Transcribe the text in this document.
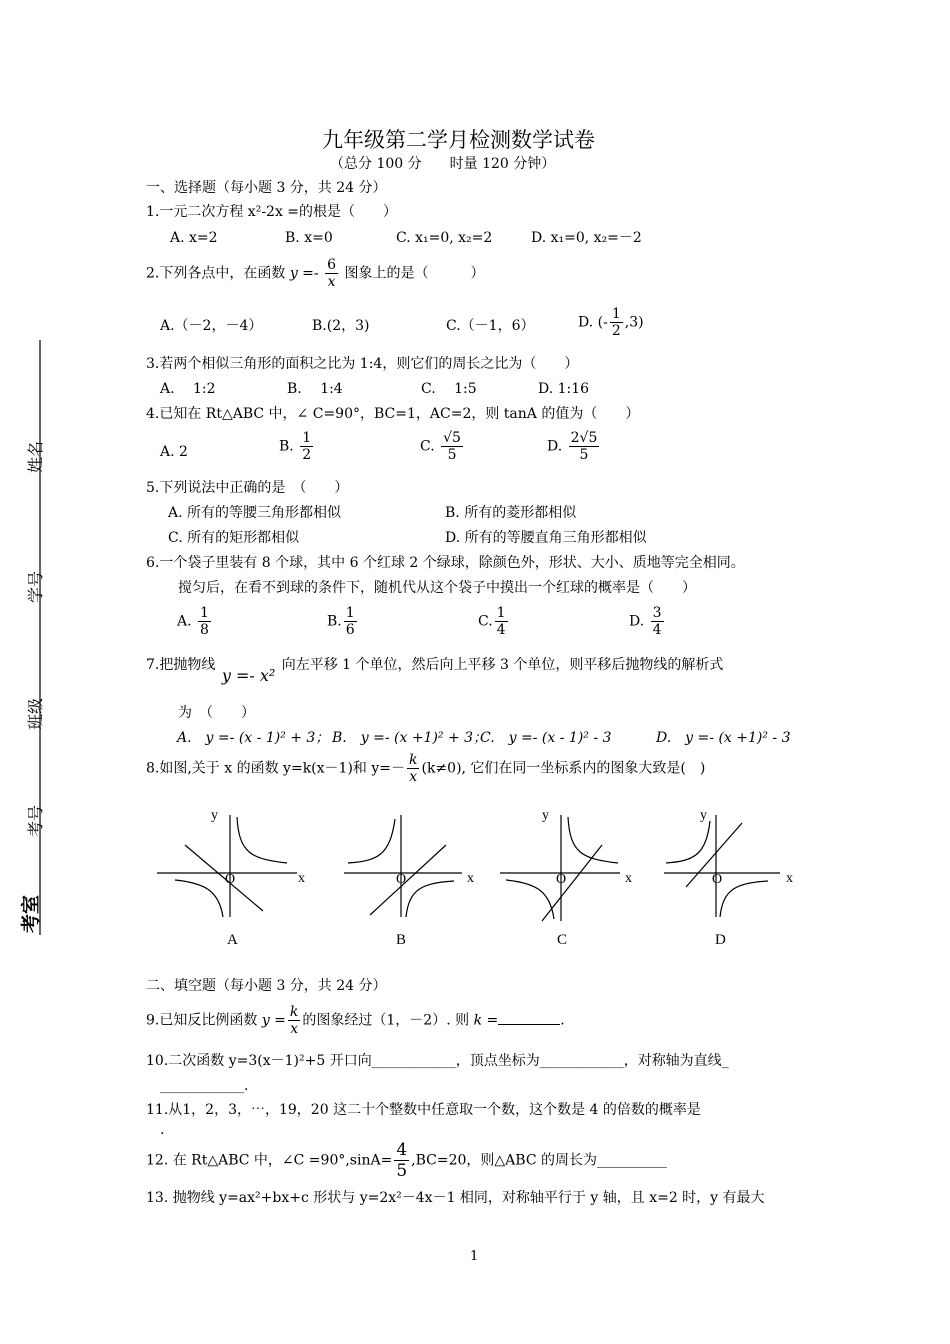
姓名
学号
班级
考号
考室
九年级第二学月检测数学试卷
（总分 100 分　　时量 120 分钟）
一、选择题（每小题 3 分，共 24 分）
1.一元二次方程 x²-2x =的根是（　　）
A. x=2	B. x=0	C. x₁=0, x₂=2	D. x₁=0, x₂=－2
2.下列各点中，在函数 $y =- \frac{6}{x}$ 图象上的是（　　　）
A.（－2，－4）	B.(2，3)	C.（－1，6）	D. (- $\frac{1}{2} ,3$)
3.若两个相似三角形的面积之比为 1:4，则它们的周长之比为（　　）
A.　 1:2	B.　 1:4	C.　 1:5	D. 1:16
4.已知在 Rt△ABC 中，∠ C=90°，BC=1，AC=2，则 tanA 的值为（　　）
A. 2	B. $\frac{1}{2}$	C. $\frac{√5}{5}$	D. $\frac{2√5}{5}$
5.下列说法中正确的是　（　　）
A. 所有的等腰三角形都相似	B. 所有的菱形都相似
C. 所有的矩形都相似	D. 所有的等腰直角三角形都相似
6.一个袋子里装有 8 个球，其中 6 个红球 2 个绿球，除颜色外，形状、大小、质地等完全相同。
搅匀后，在看不到球的条件下，随机代从这个袋子中摸出一个红球的概率是（　　）
A. $\frac{1}{8}$	B. $\frac{1}{6}$	C. $\frac{1}{4}$	D. $\frac{3}{4}$
7.把抛物线 y =- x² 向左平移 1 个单位，然后向上平移 3 个单位，则平移后抛物线的解析式
为　（　　）
A.　y =- (x - 1)² + 3； B.　y =- (x +1)² + 3；
C.　y =- (x - 1)² - 3	D.　y =- (x +1)² - 3
8.如图,关于 x 的函数 y=k(x－1)和 $y=- \frac{k}{x} (k\ne 0)$, 它们在同一坐标系内的图象大致是(　)
y
O	x
A
O	x
B
y
O	x
C
y
O	x
D
二、填空题（每小题 3 分，共 24 分）
9.已知反比例函数 $y = \frac{k}{x}$ 的图象经过（1，－2）. 则 k =	.
10.二次函数 y=3(x－1)²+5 开口向____________，顶点坐标为____________，对称轴为直线_
____________.
11.从1，2，3，⋯，19，20 这二十个整数中任意取一个数，这个数是 4 的倍数的概率是
.
12. 在 Rt△ABC 中，∠C $=90^\circ,\sin A= \frac{4}{5} ,BC=20$，则△ABC 的周长为__________
13. 抛物线 y=ax²+bx+c 形状与 y=2x²－4x－1 相同，对称轴平行于 y 轴，且 x=2 时，y 有最大
1
